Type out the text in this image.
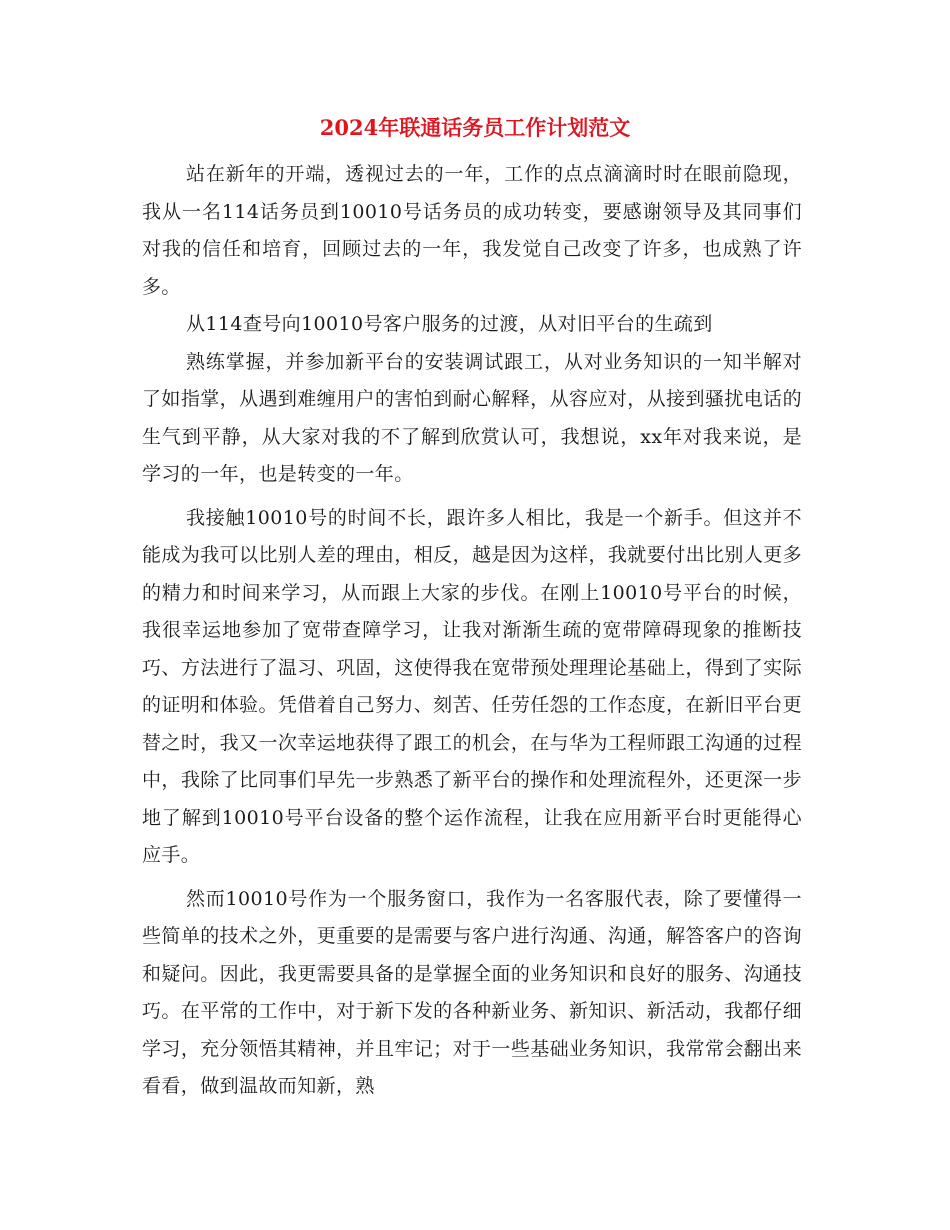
2024年联通话务员工作计划范文

站在新年的开端，透视过去的一年，工作的点点滴滴时时在眼前隐现，我从一名114话务员到10010号话务员的成功转变，要感谢领导及其同事们对我的信任和培育，回顾过去的一年，我发觉自己改变了许多，也成熟了许多。

从114查号向10010号客户服务的过渡，从对旧平台的生疏到

熟练掌握，并参加新平台的安装调试跟工，从对业务知识的一知半解对了如指掌，从遇到难缠用户的害怕到耐心解释，从容应对，从接到骚扰电话的生气到平静，从大家对我的不了解到欣赏认可，我想说，xx年对我来说，是学习的一年，也是转变的一年。

我接触10010号的时间不长，跟许多人相比，我是一个新手。但这并不能成为我可以比别人差的理由，相反，越是因为这样，我就要付出比别人更多的精力和时间来学习，从而跟上大家的步伐。在刚上10010号平台的时候，我很幸运地参加了宽带查障学习，让我对渐渐生疏的宽带障碍现象的推断技巧、方法进行了温习、巩固，这使得我在宽带预处理理论基础上，得到了实际的证明和体验。凭借着自己努力、刻苦、任劳任怨的工作态度，在新旧平台更替之时，我又一次幸运地获得了跟工的机会，在与华为工程师跟工沟通的过程中，我除了比同事们早先一步熟悉了新平台的操作和处理流程外，还更深一步地了解到10010号平台设备的整个运作流程，让我在应用新平台时更能得心应手。

然而10010号作为一个服务窗口，我作为一名客服代表，除了要懂得一些简单的技术之外，更重要的是需要与客户进行沟通、沟通，解答客户的咨询和疑问。因此，我更需要具备的是掌握全面的业务知识和良好的服务、沟通技巧。在平常的工作中，对于新下发的各种新业务、新知识、新活动，我都仔细学习，充分领悟其精神，并且牢记；对于一些基础业务知识，我常常会翻出来看看，做到温故而知新，熟
